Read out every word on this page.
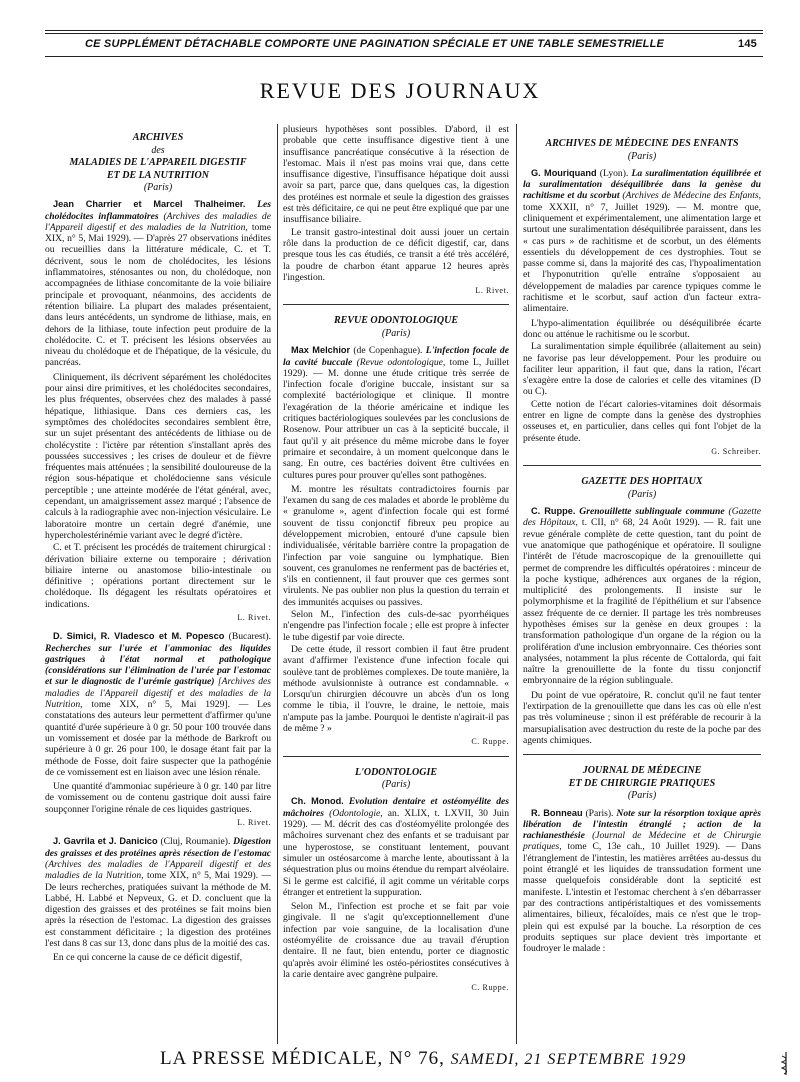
CE SUPPLÉMENT DÉTACHABLE COMPORTE UNE PAGINATION SPÉCIALE ET UNE TABLE SEMESTRIELLE	145
REVUE DES JOURNAUX
ARCHIVES
des
MALADIES DE L'APPAREIL DIGESTIF
ET DE LA NUTRITION
(Paris)
Jean Charrier et Marcel Thalheimer. Les cholédocites inflammatoires (Archives des maladies de l'Appareil digestif et des maladies de la Nutrition, tome XIX, n° 5, Mai 1929). — D'après 27 observations inédites ou recueillies dans la littérature médicale, C. et T. décrivent, sous le nom de cholédocites, les lésions inflammatoires, sténosantes ou non, du cholédoque, non accompagnées de lithiase concomitante de la voie biliaire principale et provoquant, néanmoins, des accidents de rétention biliaire. La plupart des malades présentaient, dans leurs antécédents, un syndrome de lithiase, mais, en dehors de la lithiase, toute infection peut produire de la cholédocite. C. et T. précisent les lésions observées au niveau du cholédoque et de l'hépatique, de la vésicule, du pancréas.

Cliniquement, ils décrivent séparément les cholédocites pour ainsi dire primitives, et les cholédocites secondaires, les plus fréquentes, observées chez des malades à passé hépatique, lithiasique. Dans ces derniers cas, les symptômes des cholédocites secondaires semblent être, sur un sujet présentant des antécédents de lithiase ou de cholécystite : l'ictère par rétention s'installant après des poussées successives ; les crises de douleur et de fièvre fréquentes mais atténuées ; la sensibilité douloureuse de la région sous-hépatique et cholédocienne sans vésicule perceptible ; une atteinte modérée de l'état général, avec, cependant, un amaigrissement assez marqué ; l'absence de calculs à la radiographie avec non-injection vésiculaire. Le laboratoire montre un certain degré d'anémie, une hypercholestérinémie variant avec le degré d'ictère.

C. et T. précisent les procédés de traitement chirurgical : dérivation biliaire externe ou temporaire ; dérivation biliaire interne ou anastomose bilio-intestinale ou définitive ; opérations portant directement sur le cholédoque. Ils dégagent les résultats opératoires et indications.

L. Rivet.
D. Simici, R. Vladesco et M. Popesco (Bucarest). Recherches sur l'urée et l'ammoniac des liquides gastriques à l'état normal et pathologique (considérations sur l'élimination de l'urée par l'estomac et sur le diagnostic de l'urémie gastrique) [Archives des maladies de l'Appareil digestif et des maladies de la Nutrition, tome XIX, n° 5, Mai 1929]. — Les constatations des auteurs leur permettent d'affirmer qu'une quantité d'urée supérieure à 0 gr. 50 pour 100 trouvée dans un vomissement et dosée par la méthode de Barkroft ou supérieure à 0 gr. 26 pour 100, le dosage étant fait par la méthode de Fosse, doit faire suspecter que la pathogénie de ce vomissement est en liaison avec une lésion rénale.

Une quantité d'ammoniac supérieure à 0 gr. 140 par litre de vomissement ou de contenu gastrique doit aussi faire soupçonner l'origine rénale de ces liquides gastriques.

L. Rivet.
J. Gavrila et J. Danicico (Cluj, Roumanie). Digestion des graisses et des protéines après résection de l'estomac (Archives des maladies de l'Appareil digestif et des maladies de la Nutrition, tome XIX, n° 5, Mai 1929). — De leurs recherches, pratiquées suivant la méthode de M. Labbé, H. Labbé et Nepveux, G. et D. concluent que la digestion des graisses et des protéines se fait moins bien après la résection de l'estomac. La digestion des graisses est constamment déficitaire ; la digestion des protéines l'est dans 8 cas sur 13, donc dans plus de la moitié des cas.

En ce qui concerne la cause de ce déficit digestif,

plusieurs hypothèses sont possibles. D'abord, il est probable que cette insuffisance digestive tient à une insuffisance pancréatique consécutive à la résection de l'estomac. Mais il n'est pas moins vrai que, dans cette insuffisance digestive, l'insuffisance hépatique doit aussi avoir sa part, parce que, dans quelques cas, la digestion des protéines est normale et seule la digestion des graisses est très déficitaire, ce qui ne peut être expliqué que par une insuffisance biliaire.

Le transit gastro-intestinal doit aussi jouer un certain rôle dans la production de ce déficit digestif, car, dans presque tous les cas étudiés, ce transit a été très accéléré, la poudre de charbon étant apparue 12 heures après l'ingestion.

L. Rivet.
REVUE ODONTOLOGIQUE
(Paris)
Max Melchior (de Copenhague). L'infection focale de la cavité buccale (Revue odontologique, tome L, Juillet 1929). — M. donne une étude critique très serrée de l'infection focale d'origine buccale, insistant sur sa complexité bactériologique et clinique. Il montre l'exagération de la théorie américaine et indique les critiques bactériologiques soulevées par les conclusions de Rosenow. Pour attribuer un cas à la septicité buccale, il faut qu'il y ait présence du même microbe dans le foyer primaire et secondaire, à un moment quelconque dans le sang. En outre, ces bactéries doivent être cultivées en cultures pures pour prouver qu'elles sont pathogènes.

M. montre les résultats contradictoires fournis par l'examen du sang de ces malades et aborde le problème du « granulome », agent d'infection focale qui est formé souvent de tissu conjonctif fibreux peu propice au développement microbien, entouré d'une capsule bien individualisée, véritable barrière contre la propagation de l'infection par voie sanguine ou lymphatique. Bien souvent, ces granulomes ne renferment pas de bactéries et, s'ils en contiennent, il faut prouver que ces germes sont virulents. Ne pas oublier non plus la question du terrain et des immunités acquises ou passives.

Selon M., l'infection des culs-de-sac pyorrhéiques n'engendre pas l'infection focale ; elle est propre à infecter le tube digestif par voie directe.

De cette étude, il ressort combien il faut être prudent avant d'affirmer l'existence d'une infection focale qui soulève tant de problèmes complexes. De toute manière, la méthode avulsionniste à outrance est condamnable. « Lorsqu'un chirurgien découvre un abcès d'un os long comme le tibia, il l'ouvre, le draine, le nettoie, mais n'ampute pas la jambe. Pourquoi le dentiste n'agirait-il pas de même ? »

C. Ruppe.
L'ODONTOLOGIE
(Paris)
Ch. Monod. Evolution dentaire et ostéomyélite des mâchoires (Odontologie, an. XLIX, t. LXVII, 30 Juin 1929). — M. décrit des cas d'ostéomyélite prolongée des mâchoires survenant chez des enfants et se traduisant par une hyperostose, se constituant lentement, pouvant simuler un ostéosarcome à marche lente, aboutissant à la séquestration plus ou moins étendue du rempart alvéolaire. Si le germe est calcifié, il agit comme un véritable corps étranger et entretient la suppuration.

Selon M., l'infection est proche et se fait par voie gingivale. Il ne s'agit qu'exceptionnellement d'une infection par voie sanguine, de la localisation d'une ostéomyélite de croissance due au travail d'éruption dentaire. Il ne faut, bien entendu, porter ce diagnostic qu'après avoir éliminé les ostéo-périostites consécutives à la carie dentaire avec gangrène pulpaire.

C. Ruppe.
ARCHIVES DE MÉDECINE DES ENFANTS
(Paris)
G. Mouriquand (Lyon). La suralimentation équilibrée et la suralimentation déséquilibrée dans la genèse du rachitisme et du scorbut (Archives de Médecine des Enfants, tome XXXII, n° 7, Juillet 1929). — M. montre que, cliniquement et expérimentalement, une alimentation large et surtout une suralimentation déséquilibrée paraissent, dans les « cas purs » de rachitisme et de scorbut, un des éléments essentiels du développement de ces dystrophies. Tout se passe comme si, dans la majorité des cas, l'hypoalimentation et l'hyponutrition qu'elle entraîne s'opposaient au développement de maladies par carence typiques comme le rachitisme et le scorbut, sauf action d'un facteur extra-alimentaire.

L'hypo-alimentation équilibrée ou déséquilibrée écarte donc ou atténue le rachitisme ou le scorbut.

La suralimentation simple équilibrée (allaitement au sein) ne favorise pas leur développement. Pour les produire ou faciliter leur apparition, il faut que, dans la ration, l'écart s'exagère entre la dose de calories et celle des vitamines (D ou C).

Cette notion de l'écart calories-vitamines doit désormais entrer en ligne de compte dans la genèse des dystrophies osseuses et, en particulier, dans celles qui font l'objet de la présente étude.

G. Schreiber.
GAZETTE DES HOPITAUX
(Paris)
C. Ruppe. Grenouillette sublinguale commune (Gazette des Hôpitaux, t. CII, n° 68, 24 Août 1929). — R. fait une revue générale complète de cette question, tant du point de vue anatomique que pathogénique et opératoire. Il souligne l'intérêt de l'étude macroscopique de la grenouillette qui permet de comprendre les difficultés opératoires : minceur de la poche kystique, adhérences aux organes de la région, multiplicité des prolongements. Il insiste sur le polymorphisme et la fragilité de l'épithélium et sur l'absence assez fréquente de ce dernier. Il partage les très nombreuses hypothèses émises sur la genèse en deux groupes : la transformation pathologique d'un organe de la région ou la prolifération d'une inclusion embryonnaire. Ces théories sont analysées, notamment la plus récente de Cottalorda, qui fait naître la grenouillette de la fonte du tissu conjonctif embryonnaire de la région sublinguale.

Du point de vue opératoire, R. conclut qu'il ne faut tenter l'extirpation de la grenouillette que dans les cas où elle n'est pas très volumineuse ; sinon il est préférable de recourir à la marsupialisation avec destruction du reste de la poche par des agents chimiques.

JOURNAL DE MÉDECINE
ET DE CHIRURGIE PRATIQUES
(Paris)
R. Bonneau (Paris). Note sur la résorption toxique après libération de l'intestin étranglé ; action de la rachianesthésie (Journal de Médecine et de Chirurgie pratiques, tome C, 13e cah., 10 Juillet 1929). — Dans l'étranglement de l'intestin, les matières arrêtées au-dessus du point étranglé et les liquides de transsudation forment une masse quelquefois considérable dont la septicité est manifeste. L'intestin et l'estomac cherchent à s'en débarrasser par des contractions antipéristaltiques et des vomissements alimentaires, bilieux, fécaloïdes, mais ce n'est que le trop-plein qui est expulsé par la bouche. La résorption de ces produits septiques sur place devient très importante et foudroyer le malade :
LA PRESSE MÉDICALE, N° 76, SAMEDI, 21 SEPTEMBRE 1929
